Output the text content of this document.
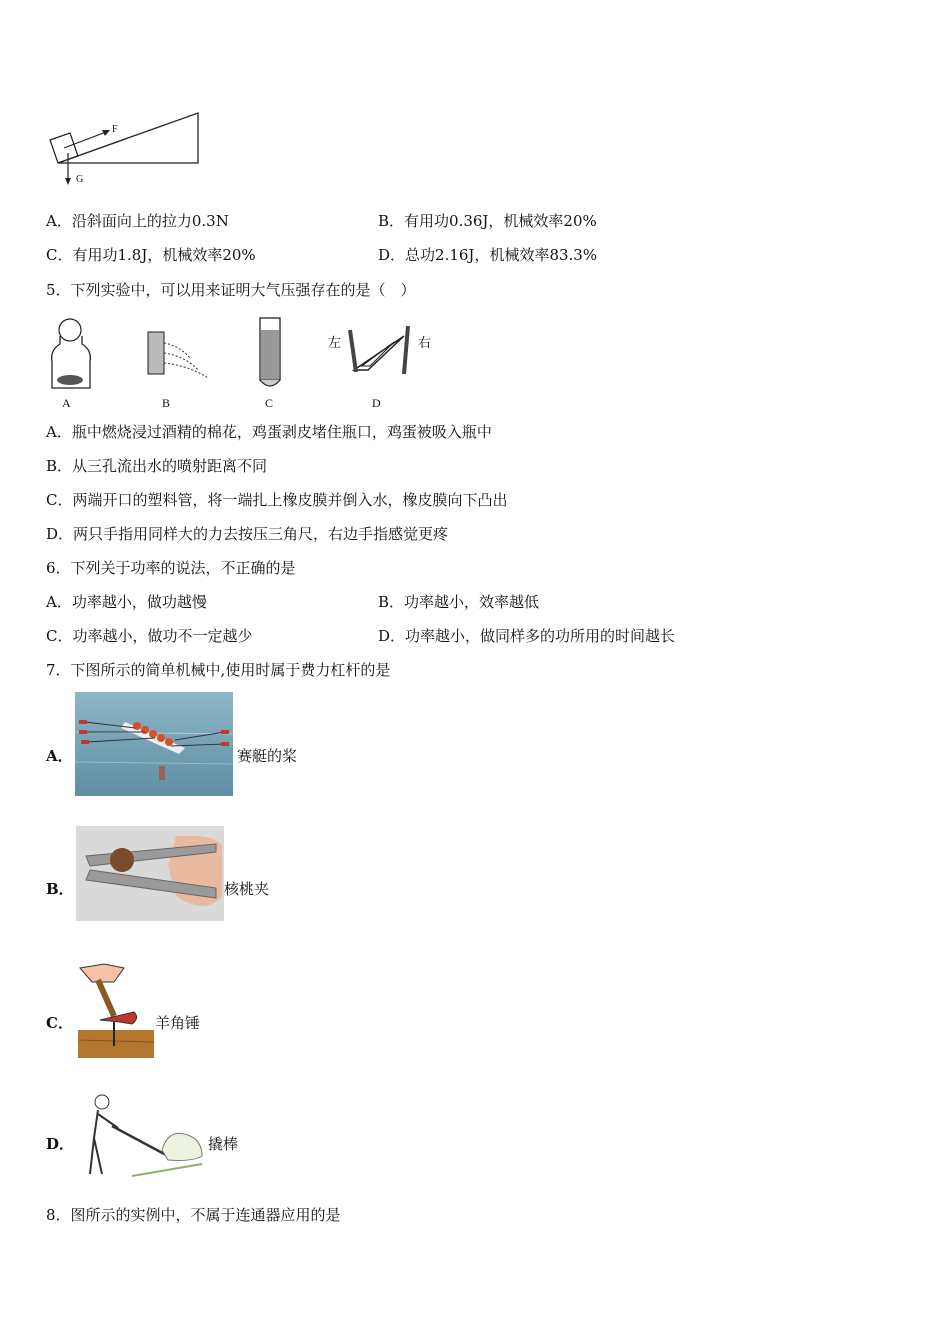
F
G
A．沿斜面向上的拉力0.3N	B．有用功0.36J，机械效率20%
C．有用功1.8J，机械效率20%	D．总功2.16J，机械效率83.3%
5．下列实验中，可以用来证明大气压强存在的是（　）
左	右
A	B	C	D
A．瓶中燃烧浸过酒精的棉花，鸡蛋剥皮堵住瓶口，鸡蛋被吸入瓶中
B．从三孔流出水的喷射距离不同
C．两端开口的塑料管，将一端扎上橡皮膜并倒入水，橡皮膜向下凸出
D．两只手指用同样大的力去按压三角尺，右边手指感觉更疼
6．下列关于功率的说法，不正确的是
A．功率越小，做功越慢	B．功率越小，效率越低
C．功率越小，做功不一定越少	D．功率越小，做同样多的功所用的时间越长
7．下图所示的简单机械中,使用时属于费力杠杆的是
A．	赛艇的桨
B．	核桃夹
C．	羊角锤
D．	撬棒
8．图所示的实例中，不属于连通器应用的是
